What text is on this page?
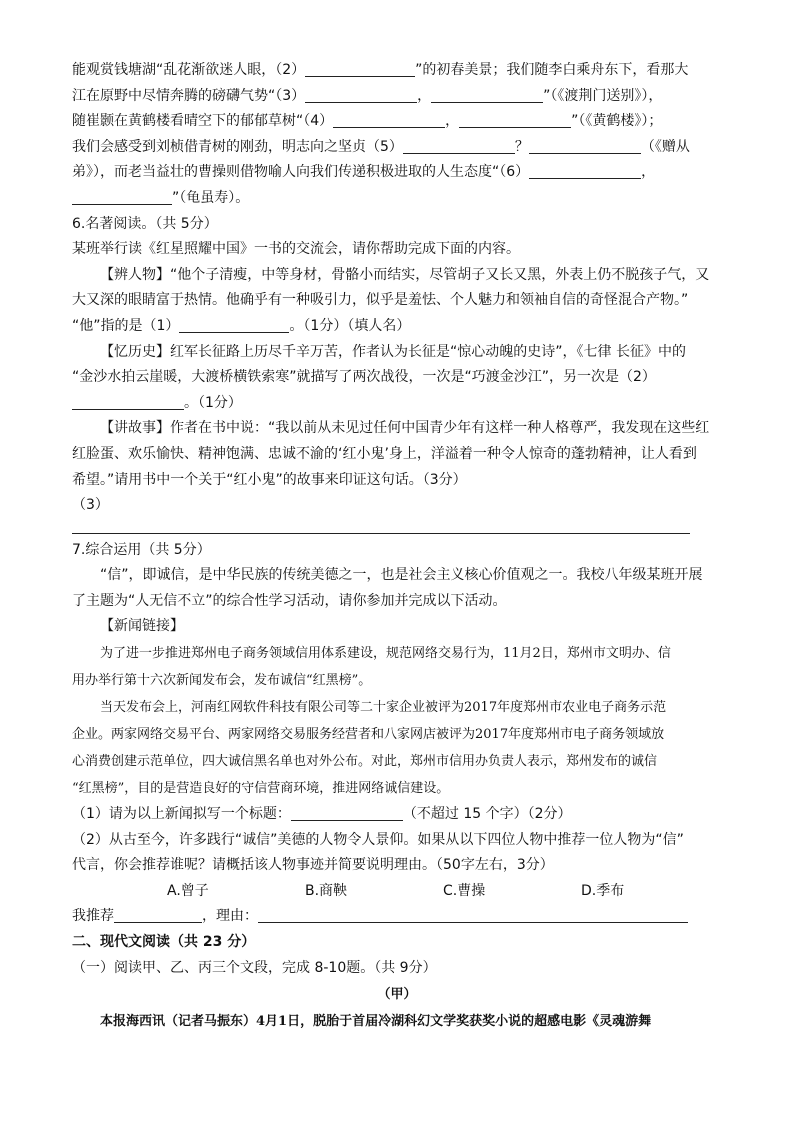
能观赏钱塘湖“乱花渐欲迷人眼，（2）	”的初春美景；我们随李白乘舟东下，看那大
江在原野中尽情奔腾的磅礴气势“（3）	，	”（《渡荆门送别》），
随崔颢在黄鹤楼看晴空下的郁郁草树“（4）	，	”（《黄鹤楼》）；
我们会感受到刘桢借青树的刚劲，明志向之坚贞（5）	？	（《赠从
弟》），而老当益壮的曹操则借物喻人向我们传递积极进取的人生态度“（6）	，
”（龟虽寿）。
6.名著阅读。（共 5分）
某班举行读《红星照耀中国》一书的交流会，请你帮助完成下面的内容。
【辨人物】“他个子清瘦，中等身材，骨骼小而结实，尽管胡子又长又黑，外表上仍不脱孩子气，又
大又深的眼睛富于热情。他确乎有一种吸引力，似乎是羞怯、个人魅力和领袖自信的奇怪混合产物。”
“他”指的是（1）	。（1分）（填人名）
【忆历史】红军长征路上历尽千辛万苦，作者认为长征是“惊心动魄的史诗”，《七律 长征》中的
“金沙水拍云崖暖，大渡桥横铁索寒”就描写了两次战役，一次是“巧渡金沙江”，另一次是（2）
。（1分）
【讲故事】作者在书中说：“我以前从未见过任何中国青少年有这样一种人格尊严，我发现在这些红
红脸蛋、欢乐愉快、精神饱满、忠诚不渝的‘红小鬼’身上，洋溢着一种令人惊奇的蓬勃精神，让人看到
希望。”请用书中一个关于“红小鬼”的故事来印证这句话。（3分）
（3）
7.综合运用（共 5分）
“信”，即诚信，是中华民族的传统美德之一，也是社会主义核心价值观之一。我校八年级某班开展
了主题为“人无信不立”的综合性学习活动，请你参加并完成以下活动。
【新闻链接】
为了进一步推进郑州电子商务领域信用体系建设，规范网络交易行为，11月2日，郑州市文明办、信
用办举行第十六次新闻发布会，发布诚信“红黑榜”。
当天发布会上，河南红网软件科技有限公司等二十家企业被评为2017年度郑州市农业电子商务示范
企业。两家网络交易平台、两家网络交易服务经营者和八家网店被评为2017年度郑州市电子商务领域放
心消费创建示范单位，四大诚信黑名单也对外公布。对此，郑州市信用办负责人表示，郑州发布的诚信
“红黑榜”，目的是营造良好的守信营商环境，推进网络诚信建设。
（1）请为以上新闻拟写一个标题：	（不超过 15 个字）（2分）
（2）从古至今，许多践行“诚信”美德的人物令人景仰。如果从以下四位人物中推荐一位人物为“信”
代言，你会推荐谁呢？请概括该人物事迹并简要说明理由。（50字左右，3分）
A.曾子	B.商鞅	C.曹操	D.季布
我推荐	，理由：
二、现代文阅读（共 23 分）
（一）阅读甲、乙、丙三个文段，完成 8-10题。（共 9分）
（甲）
本报海西讯（记者马振东）4月1日，脱胎于首届冷湖科幻文学奖获奖小说的超感电影《灵魂游舞
